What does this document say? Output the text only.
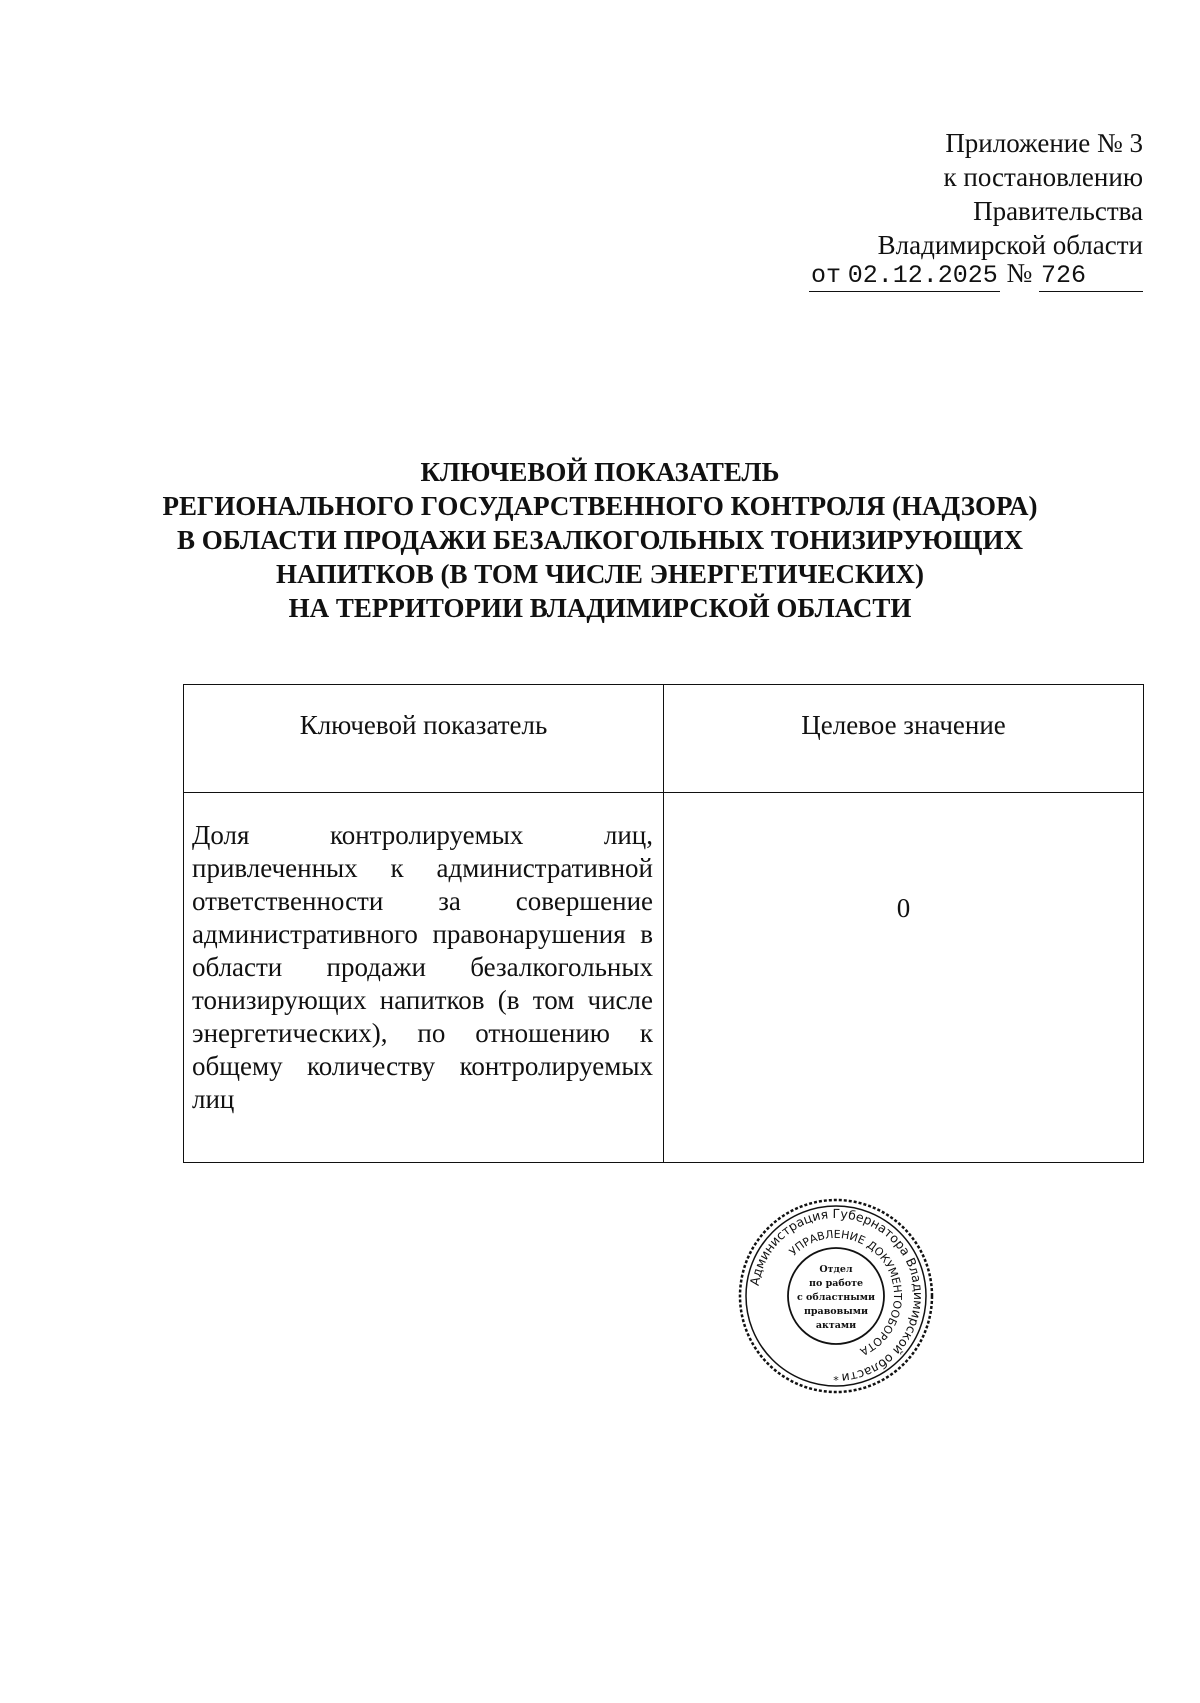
Приложение № 3
к постановлению
Правительства
Владимирской области
от 02.12.2025 № 726
КЛЮЧЕВОЙ ПОКАЗАТЕЛЬ
РЕГИОНАЛЬНОГО ГОСУДАРСТВЕННОГО КОНТРОЛЯ (НАДЗОРА)
В ОБЛАСТИ ПРОДАЖИ БЕЗАЛКОГОЛЬНЫХ ТОНИЗИРУЮЩИХ
НАПИТКОВ (В ТОМ ЧИСЛЕ ЭНЕРГЕТИЧЕСКИХ)
НА ТЕРРИТОРИИ ВЛАДИМИРСКОЙ ОБЛАСТИ
Ключевой показатель	Целевое значение
Доля контролируемых лиц, привлеченных к административной ответственности за совершение административного правонарушения в области продажи безалкогольных тонизирующих напитков (в том числе энергетических), по отношению к общему количеству контролируемых лиц	0
Администрация Губернатора Владимирской области
УПРАВЛЕНИЕ ДОКУМЕНТООБОРОТА
Отдел
по работе
с областными
правовыми
актами
*
